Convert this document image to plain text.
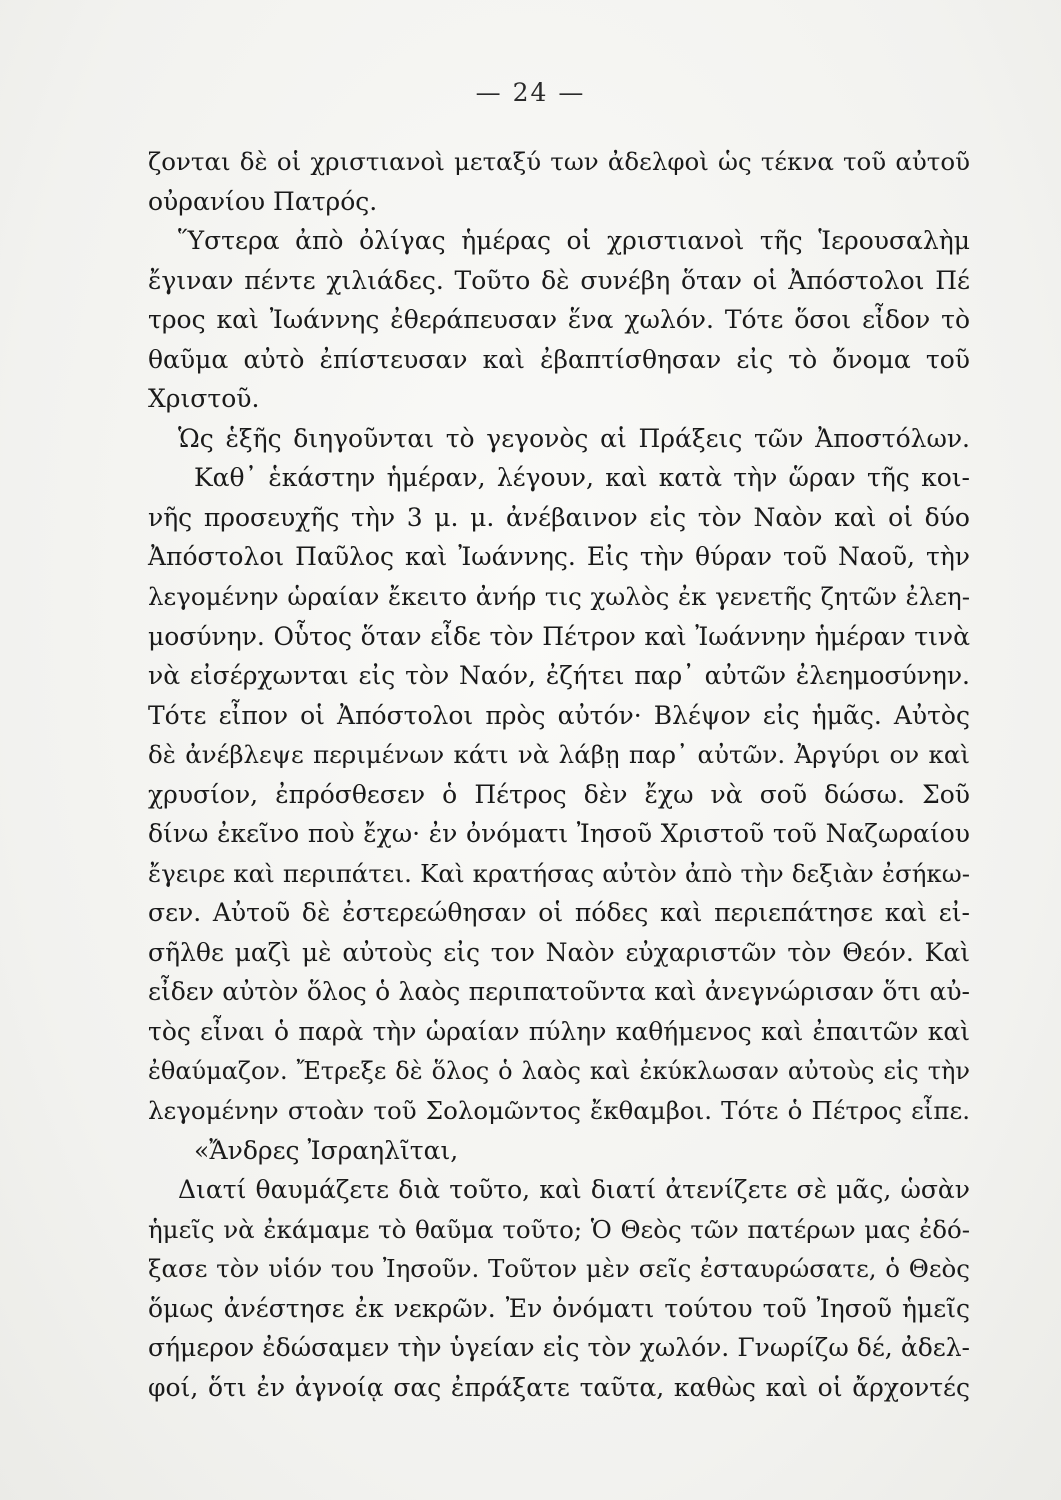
— 24 —
ζονται δὲ οἱ χριστιανοὶ μεταξύ των ἀδελφοὶ ὡς τέκνα τοῦ αὐτοῦ
οὐρανίου Πατρός.
Ὕστερα ἀπὸ ὀλίγας ἡμέρας οἱ χριστιανοὶ τῆς Ἱερουσαλὴμ
ἔγιναν πέντε χιλιάδες. Τοῦτο δὲ συνέβη ὅταν οἱ Ἀπόστολοι Πέ
τρος καὶ Ἰωάννης ἐθεράπευσαν ἕνα χωλόν. Τότε ὅσοι εἶδον τὸ
θαῦμα αὐτὸ ἐπίστευσαν καὶ ἐβαπτίσθησαν εἰς τὸ ὄνομα τοῦ
Χριστοῦ.
Ὡς ἑξῆς διηγοῦνται τὸ γεγονὸς αἱ Πράξεις τῶν Ἀποστόλων.
Καθ᾽ ἑκάστην ἡμέραν, λέγουν, καὶ κατὰ τὴν ὥραν τῆς κοι-
νῆς προσευχῆς τὴν 3 μ. μ. ἀνέβαινον εἰς τὸν Ναὸν καὶ οἱ δύο
Ἀπόστολοι Παῦλος καὶ Ἰωάννης. Εἰς τὴν θύραν τοῦ Ναοῦ, τὴν
λεγομένην ὡραίαν ἔκειτο ἀνήρ τις χωλὸς ἐκ γενετῆς ζητῶν ἐλεη-
μοσύνην. Οὗτος ὅταν εἶδε τὸν Πέτρον καὶ Ἰωάννην ἡμέραν τινὰ
νὰ εἰσέρχωνται εἰς τὸν Ναόν, ἐζήτει παρ᾽ αὐτῶν ἐλεημοσύνην.
Τότε εἶπον οἱ Ἀπόστολοι πρὸς αὐτόν· Βλέψον εἰς ἡμᾶς. Αὐτὸς
δὲ ἀνέβλεψε περιμένων κάτι νὰ λάβῃ παρ᾽ αὐτῶν. Ἀργύρι ον καὶ
χρυσίον, ἐπρόσθεσεν ὁ Πέτρος δὲν ἔχω νὰ σοῦ δώσω. Σοῦ
δίνω ἐκεῖνο ποὺ ἔχω· ἐν ὀνόματι Ἰησοῦ Χριστοῦ τοῦ Ναζωραίου
ἔγειρε καὶ περιπάτει. Καὶ κρατήσας αὐτὸν ἀπὸ τὴν δεξιὰν ἐσήκω-
σεν. Αὐτοῦ δὲ ἐστερεώθησαν οἱ πόδες καὶ περιεπάτησε καὶ εἰ-
σῆλθε μαζὶ μὲ αὐτοὺς εἰς τον Ναὸν εὐχαριστῶν τὸν Θεόν. Καὶ
εἶδεν αὐτὸν ὅλος ὁ λαὸς περιπατοῦντα καὶ ἀνεγνώρισαν ὅτι αὐ-
τὸς εἶναι ὁ παρὰ τὴν ὡραίαν πύλην καθήμενος καὶ ἐπαιτῶν καὶ
ἐθαύμαζον. Ἔτρεξε δὲ ὅλος ὁ λαὸς καὶ ἐκύκλωσαν αὐτοὺς εἰς τὴν
λεγομένην στοὰν τοῦ Σολομῶντος ἔκθαμβοι. Τότε ὁ Πέτρος εἶπε.
«Ἄνδρες Ἰσραηλῖται,
Διατί θαυμάζετε διὰ τοῦτο, καὶ διατί ἀτενίζετε σὲ μᾶς, ὡσὰν
ἡμεῖς νὰ ἐκάμαμε τὸ θαῦμα τοῦτο; Ὁ Θεὸς τῶν πατέρων μας ἐδό-
ξασε τὸν υἱόν του Ἰησοῦν. Τοῦτον μὲν σεῖς ἐσταυρώσατε, ὁ Θεὸς
ὅμως ἀνέστησε ἐκ νεκρῶν. Ἐν ὀνόματι τούτου τοῦ Ἰησοῦ ἡμεῖς
σήμερον ἐδώσαμεν τὴν ὑγείαν εἰς τὸν χωλόν. Γνωρίζω δέ, ἀδελ-
φοί, ὅτι ἐν ἀγνοίᾳ σας ἐπράξατε ταῦτα, καθὼς καὶ οἱ ἄρχοντές
